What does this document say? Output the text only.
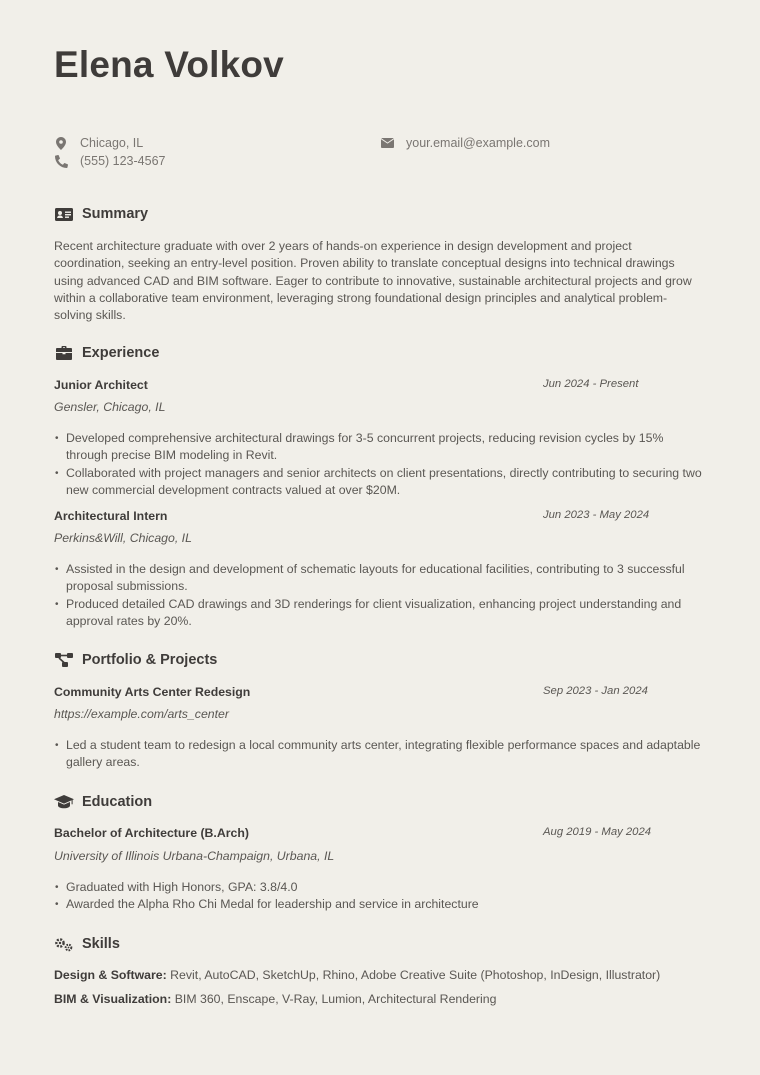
Elena Volkov
Chicago, IL
(555) 123-4567
your.email@example.com
Summary

Recent architecture graduate with over 2 years of hands-on experience in design development and project coordination, seeking an entry-level position. Proven ability to translate conceptual designs into technical drawings using advanced CAD and BIM software. Eager to contribute to innovative, sustainable architectural projects and grow within a collaborative team environment, leveraging strong foundational design principles and analytical problem-solving skills.

Experience
Junior Architect	Jun 2024 - Present
Gensler, Chicago, IL
• Developed comprehensive architectural drawings for 3-5 concurrent projects, reducing revision cycles by 15% through precise BIM modeling in Revit.
• Collaborated with project managers and senior architects on client presentations, directly contributing to securing two new commercial development contracts valued at over $20M.
Architectural Intern	Jun 2023 - May 2024
Perkins&Will, Chicago, IL
• Assisted in the design and development of schematic layouts for educational facilities, contributing to 3 successful proposal submissions.
• Produced detailed CAD drawings and 3D renderings for client visualization, enhancing project understanding and approval rates by 20%.
Portfolio & Projects
Community Arts Center Redesign	Sep 2023 - Jan 2024
https://example.com/arts_center
• Led a student team to redesign a local community arts center, integrating flexible performance spaces and adaptable gallery areas.
Education
Bachelor of Architecture (B.Arch)	Aug 2019 - May 2024
University of Illinois Urbana-Champaign, Urbana, IL
• Graduated with High Honors, GPA: 3.8/4.0
• Awarded the Alpha Rho Chi Medal for leadership and service in architecture
Skills
Design & Software: Revit, AutoCAD, SketchUp, Rhino, Adobe Creative Suite (Photoshop, InDesign, Illustrator)
BIM & Visualization: BIM 360, Enscape, V-Ray, Lumion, Architectural Rendering
